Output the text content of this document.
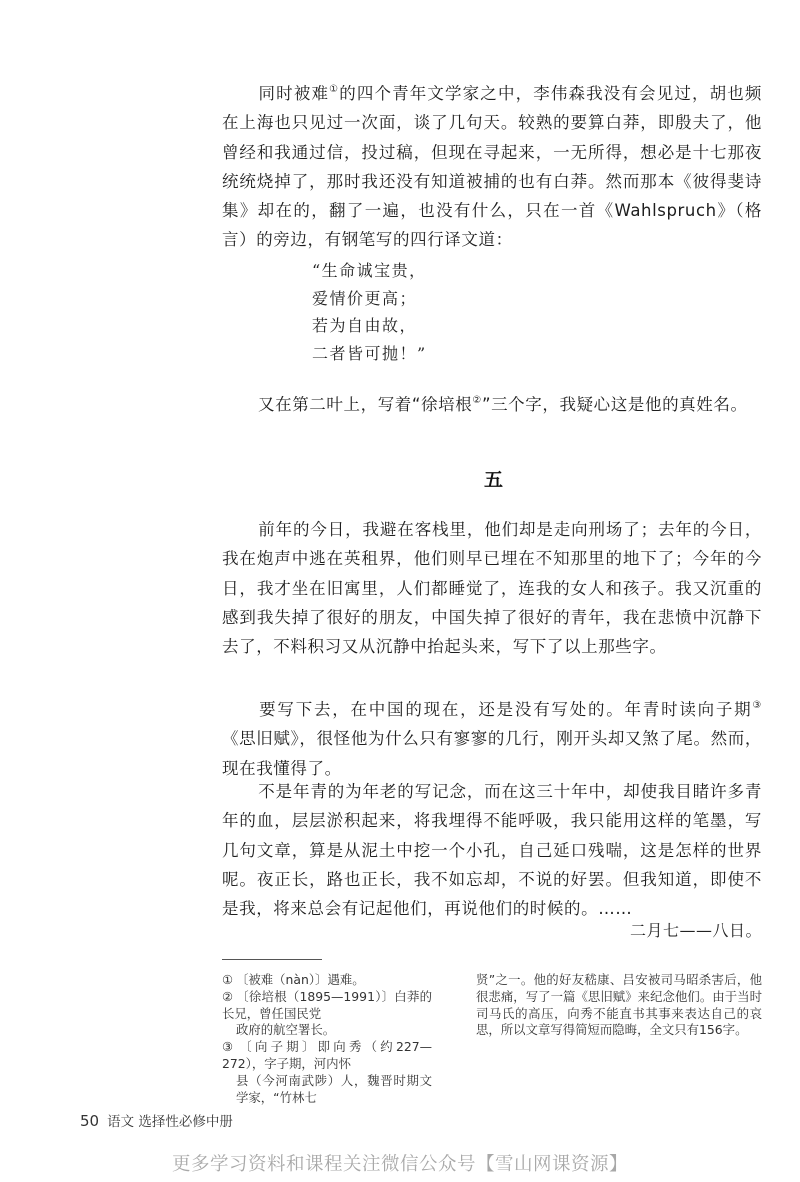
同时被难①的四个青年文学家之中，李伟森我没有会见过，胡也频在上海也只见过一次面，谈了几句天。较熟的要算白莽，即殷夫了，他曾经和我通过信，投过稿，但现在寻起来，一无所得，想必是十七那夜统统烧掉了，那时我还没有知道被捕的也有白莽。然而那本《彼得斐诗集》却在的，翻了一遍，也没有什么，只在一首《Wahlspruch》（格言）的旁边，有钢笔写的四行译文道：

“生命诚宝贵，
爱情价更高；
若为自由故，
二者皆可抛！”

又在第二叶上，写着“徐培根②”三个字，我疑心这是他的真姓名。

五

前年的今日，我避在客栈里，他们却是走向刑场了；去年的今日，我在炮声中逃在英租界，他们则早已埋在不知那里的地下了；今年的今日，我才坐在旧寓里，人们都睡觉了，连我的女人和孩子。我又沉重的感到我失掉了很好的朋友，中国失掉了很好的青年，我在悲愤中沉静下去了，不料积习又从沉静中抬起头来，写下了以上那些字。

要写下去，在中国的现在，还是没有写处的。年青时读向子期③《思旧赋》，很怪他为什么只有寥寥的几行，刚开头却又煞了尾。然而，现在我懂得了。

不是年青的为年老的写记念，而在这三十年中，却使我目睹许多青年的血，层层淤积起来，将我埋得不能呼吸，我只能用这样的笔墨，写几句文章，算是从泥土中挖一个小孔，自己延口残喘，这是怎样的世界呢。夜正长，路也正长，我不如忘却，不说的好罢。但我知道，即使不是我，将来总会有记起他们，再说他们的时候的。……

二月七——八日。
① 〔被难（nàn）〕遇难。
② 〔徐培根（1895—1991）〕白莽的长兄，曾任国民党
政府的航空署长。
③ 〔向子期〕即向秀（约227—272），字子期，河内怀
县（今河南武陟）人，魏晋时期文学家，“竹林七
贤”之一。他的好友嵇康、吕安被司马昭杀害后，他很悲痛，写了一篇《思旧赋》来纪念他们。由于当时司马氏的高压，向秀不能直书其事来表达自己的哀思，所以文章写得简短而隐晦，全文只有156字。
50 语文 选择性必修中册
更多学习资料和课程关注微信公众号【雪山网课资源】
